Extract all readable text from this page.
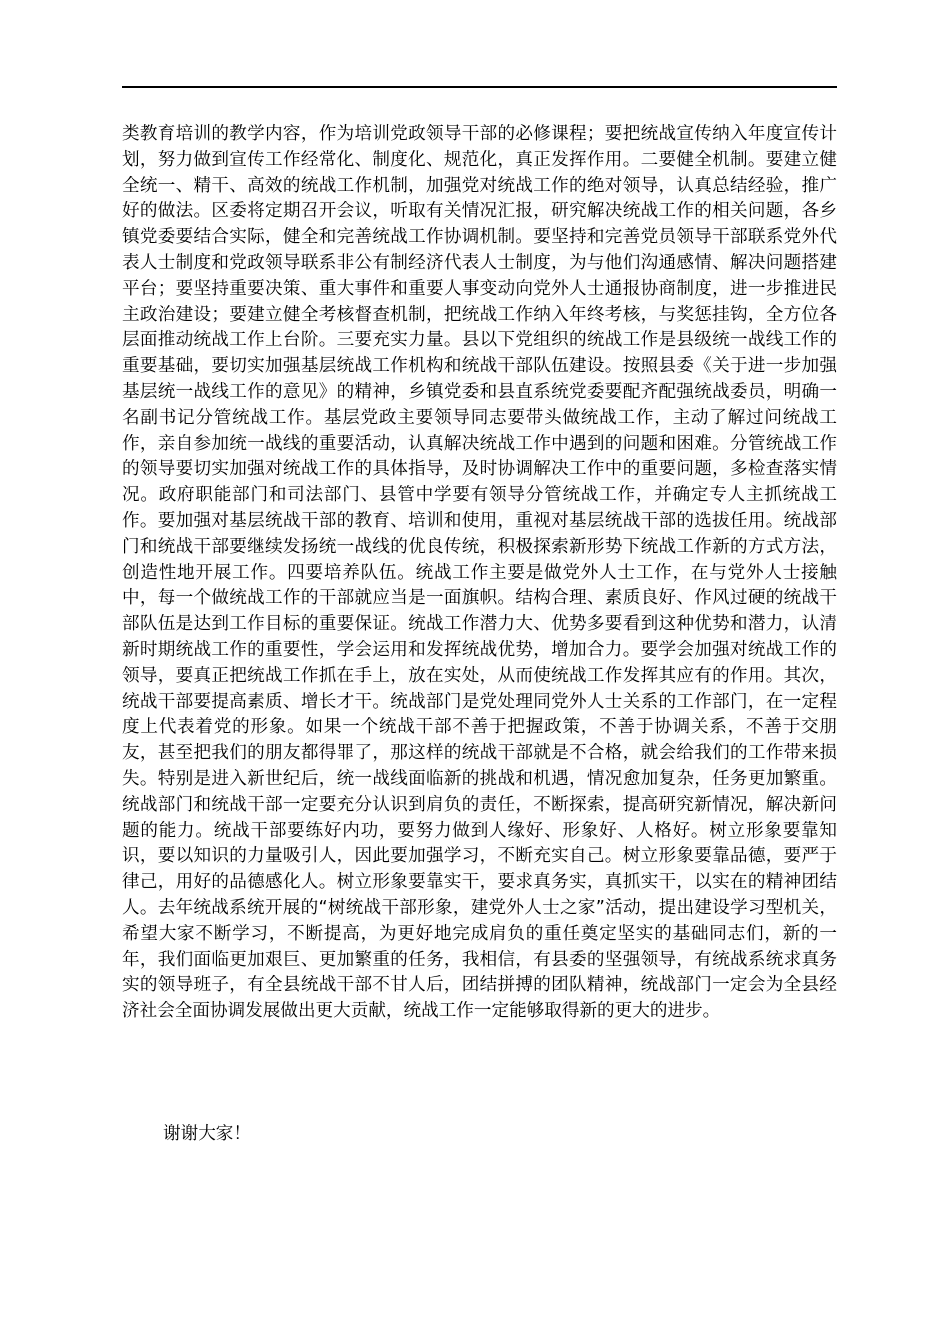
类教育培训的教学内容，作为培训党政领导干部的必修课程；要把统战宣传纳入年度宣传计划，努力做到宣传工作经常化、制度化、规范化，真正发挥作用。二要健全机制。要建立健全统一、精干、高效的统战工作机制，加强党对统战工作的绝对领导，认真总结经验，推广好的做法。区委将定期召开会议，听取有关情况汇报，研究解决统战工作的相关问题，各乡镇党委要结合实际，健全和完善统战工作协调机制。要坚持和完善党员领导干部联系党外代表人士制度和党政领导联系非公有制经济代表人士制度，为与他们沟通感情、解决问题搭建平台；要坚持重要决策、重大事件和重要人事变动向党外人士通报协商制度，进一步推进民主政治建设；要建立健全考核督查机制，把统战工作纳入年终考核，与奖惩挂钩，全方位各层面推动统战工作上台阶。三要充实力量。县以下党组织的统战工作是县级统一战线工作的重要基础，要切实加强基层统战工作机构和统战干部队伍建设。按照县委《关于进一步加强基层统一战线工作的意见》的精神，乡镇党委和县直系统党委要配齐配强统战委员，明确一名副书记分管统战工作。基层党政主要领导同志要带头做统战工作，主动了解过问统战工作，亲自参加统一战线的重要活动，认真解决统战工作中遇到的问题和困难。分管统战工作的领导要切实加强对统战工作的具体指导，及时协调解决工作中的重要问题，多检查落实情况。政府职能部门和司法部门、县管中学要有领导分管统战工作，并确定专人主抓统战工作。要加强对基层统战干部的教育、培训和使用，重视对基层统战干部的选拔任用。统战部门和统战干部要继续发扬统一战线的优良传统，积极探索新形势下统战工作新的方式方法，创造性地开展工作。四要培养队伍。统战工作主要是做党外人士工作，在与党外人士接触中，每一个做统战工作的干部就应当是一面旗帜。结构合理、素质良好、作风过硬的统战干部队伍是达到工作目标的重要保证。统战工作潜力大、优势多要看到这种优势和潜力，认清新时期统战工作的重要性，学会运用和发挥统战优势，增加合力。要学会加强对统战工作的领导，要真正把统战工作抓在手上，放在实处，从而使统战工作发挥其应有的作用。其次，统战干部要提高素质、增长才干。统战部门是党处理同党外人士关系的工作部门，在一定程度上代表着党的形象。如果一个统战干部不善于把握政策，不善于协调关系，不善于交朋友，甚至把我们的朋友都得罪了，那这样的统战干部就是不合格，就会给我们的工作带来损失。特别是进入新世纪后，统一战线面临新的挑战和机遇，情况愈加复杂，任务更加繁重。统战部门和统战干部一定要充分认识到肩负的责任，不断探索，提高研究新情况，解决新问题的能力。统战干部要练好内功，要努力做到人缘好、形象好、人格好。树立形象要靠知识，要以知识的力量吸引人，因此要加强学习，不断充实自己。树立形象要靠品德，要严于律己，用好的品德感化人。树立形象要靠实干，要求真务实，真抓实干，以实在的精神团结人。去年统战系统开展的“树统战干部形象，建党外人士之家”活动，提出建设学习型机关，希望大家不断学习，不断提高，为更好地完成肩负的重任奠定坚实的基础同志们，新的一年，我们面临更加艰巨、更加繁重的任务，我相信，有县委的坚强领导，有统战系统求真务实的领导班子，有全县统战干部不甘人后，团结拼搏的团队精神，统战部门一定会为全县经济社会全面协调发展做出更大贡献，统战工作一定能够取得新的更大的进步。

谢谢大家！
